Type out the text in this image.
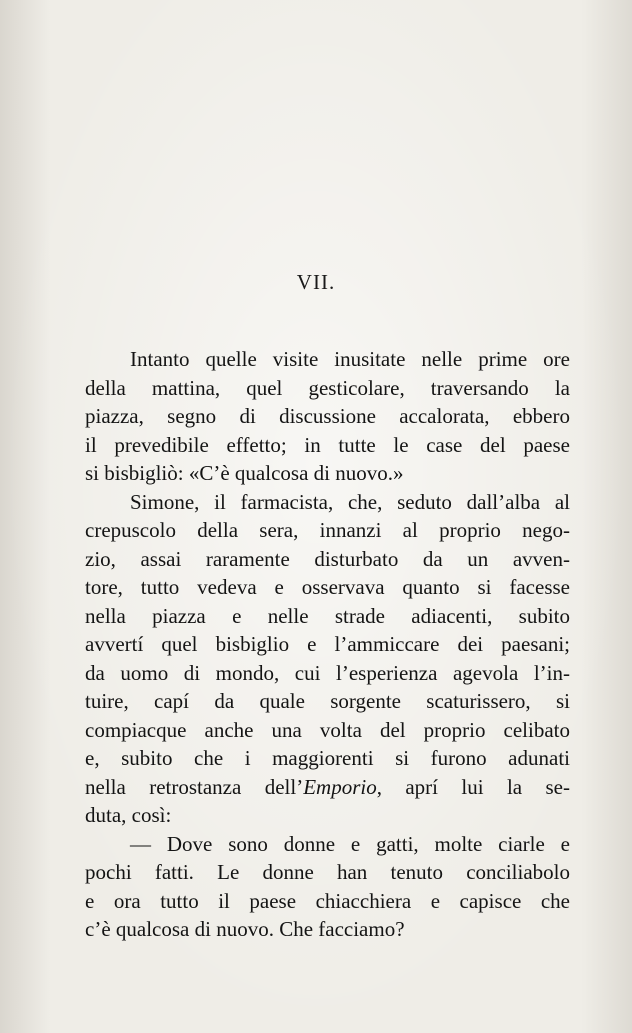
VII.
Intanto quelle visite inusitate nelle prime ore
della mattina, quel gesticolare, traversando la
piazza, segno di discussione accalorata, ebbero
il prevedibile effetto; in tutte le case del paese
si bisbigliò: «C’è qualcosa di nuovo.»
Simone, il farmacista, che, seduto dall’alba al
crepuscolo della sera, innanzi al proprio nego-
zio, assai raramente disturbato da un avven-
tore, tutto vedeva e osservava quanto si facesse
nella piazza e nelle strade adiacenti, subito
avvertí quel bisbiglio e l’ammiccare dei paesani;
da uomo di mondo, cui l’esperienza agevola l’in-
tuire, capí da quale sorgente scaturissero, si
compiacque anche una volta del proprio celibato
e, subito che i maggiorenti si furono adunati
nella retrostanza dell’Emporio, aprí lui la se-
duta, così:
— Dove sono donne e gatti, molte ciarle e
pochi fatti. Le donne han tenuto conciliabolo
e ora tutto il paese chiacchiera e capisce che
c’è qualcosa di nuovo. Che facciamo?
